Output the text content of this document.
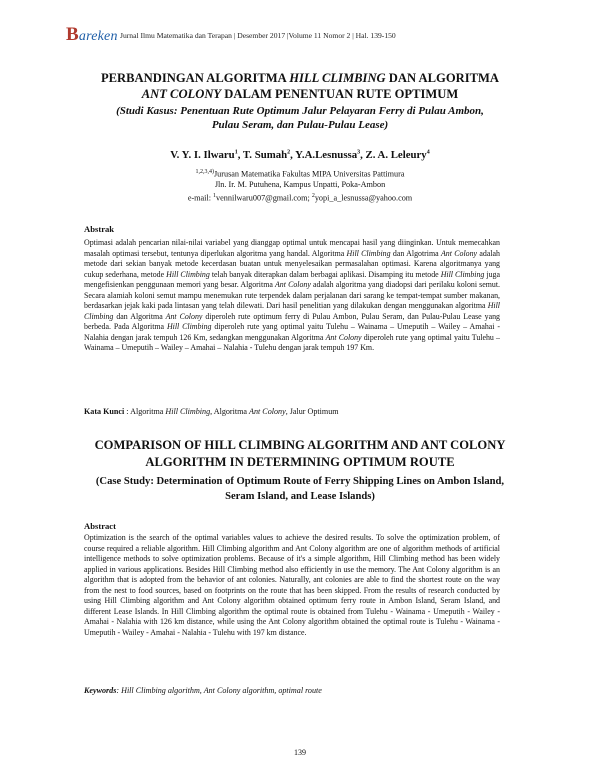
Bareken Jurnal Ilmu Matematika dan Terapan | Desember 2017 |Volume 11 Nomor 2 | Hal. 139-150
PERBANDINGAN ALGORITMA HILL CLIMBING DAN ALGORITMA
ANT COLONY DALAM PENENTUAN RUTE OPTIMUM
(Studi Kasus: Penentuan Rute Optimum Jalur Pelayaran Ferry di Pulau Ambon,
Pulau Seram, dan Pulau-Pulau Lease)
V. Y. I. Ilwaru$^1$, T. Sumah$^2$, Y.A.Lesnussa$^3$, Z. A. Leleury$^4$
$^{1,2,3,4)}$Jurusan Matematika Fakultas MIPA Universitas Pattimura
Jln. Ir. M. Putuhena, Kampus Unpatti, Poka-Ambon
e-mail: $^1$vennilwaru007@gmail.com; $^2$yopi_a_lesnussa@yahoo.com
Abstrak
Optimasi adalah pencarian nilai-nilai variabel yang dianggap optimal untuk mencapai hasil yang diinginkan. Untuk memecahkan masalah optimasi tersebut, tentunya diperlukan algoritma yang handal. Algoritma Hill Climbing dan Algotrima Ant Colony adalah metode dari sekian banyak metode kecerdasan buatan untuk menyelesaikan permasalahan optimasi. Karena algoritmanya yang cukup sederhana, metode Hill Climbing telah banyak diterapkan dalam berbagai aplikasi. Disamping itu metode Hill Climbing juga mengefisienkan penggunaan memori yang besar. Algoritma Ant Colony adalah algoritma yang diadopsi dari perilaku koloni semut. Secara alamiah koloni semut mampu menemukan rute terpendek dalam perjalanan dari sarang ke tempat-tempat sumber makanan, berdasarkan jejak kaki pada lintasan yang telah dilewati. Dari hasil penelitian yang dilakukan dengan menggunakan algoritma Hill Climbing dan Algoritma Ant Colony diperoleh rute optimum ferry di Pulau Ambon, Pulau Seram, dan Pulau-Pulau Lease yang berbeda. Pada Algoritma Hill Climbing diperoleh rute yang optimal yaitu Tulehu – Wainama – Umeputih – Wailey – Amahai - Nalahia dengan jarak tempuh 126 Km, sedangkan menggunakan Algoritma Ant Colony diperoleh rute yang optimal yaitu Tulehu – Wainama – Umeputih – Wailey – Amahai – Nalahia - Tulehu dengan jarak tempuh 197 Km.
Kata Kunci : Algoritma Hill Climbing, Algoritma Ant Colony, Jalur Optimum
COMPARISON OF HILL CLIMBING ALGORITHM AND ANT COLONY
ALGORITHM IN DETERMINING OPTIMUM ROUTE
(Case Study: Determination of Optimum Route of Ferry Shipping Lines on Ambon Island,
Seram Island, and Lease Islands)
Abstract
Optimization is the search of the optimal variables values to achieve the desired results. To solve the optimization problem, of course required a reliable algorithm. Hill Climbing algorithm and Ant Colony algorithm are one of algorithm methods of artificial intelligence methods to solve optimization problems. Because of it's a simple algorithm, Hill Climbing method has been widely applied in various applications. Besides Hill Climbing method also efficiently in use the memory. The Ant Colony algorithm is an algorithm that is adopted from the behavior of ant colonies. Naturally, ant colonies are able to find the shortest route on the way from the nest to food sources, based on footprints on the route that has been skipped. From the results of research conducted by using Hill Climbing algorithm and Ant Colony algorithm obtained optimum ferry route in Ambon Island, Seram Island, and different Lease Islands. In Hill Climbing algorithm the optimal route is obtained from Tulehu - Wainama - Umeputih - Wailey - Amahai - Nalahia with 126 km distance, while using the Ant Colony algorithm obtained the optimal route is Tulehu - Wainama - Umeputih - Wailey - Amahai - Nalahia - Tulehu with 197 km distance.
Keywords: Hill Climbing algorithm, Ant Colony algorithm, optimal route
139
